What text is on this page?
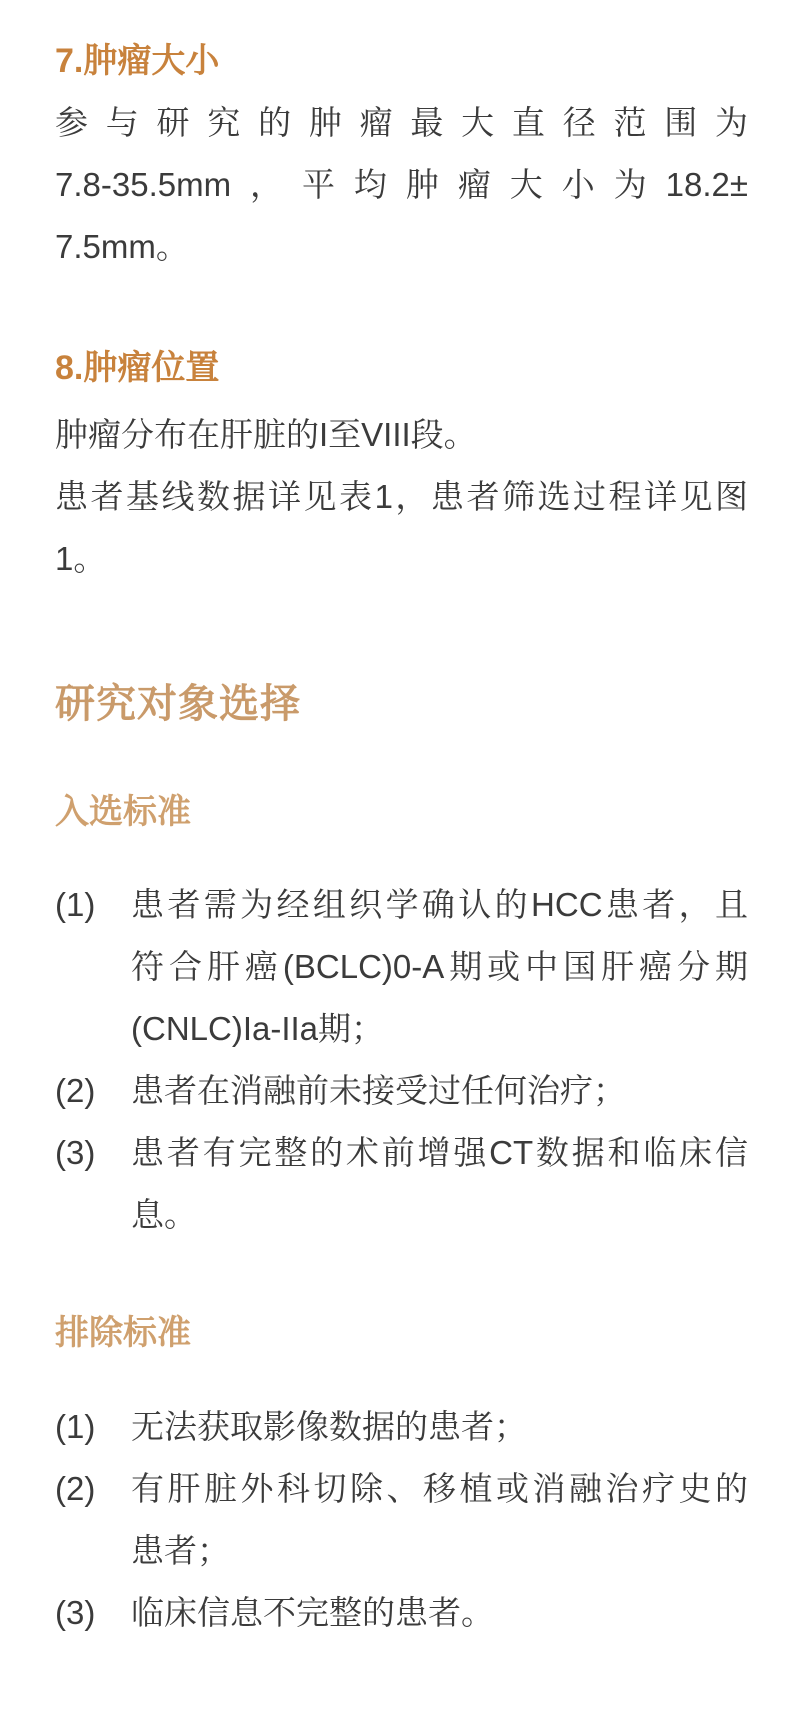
7.肿瘤大小

参与研究的肿瘤最大直径范围为

7.8-35.5mm，平均肿瘤大小为18.2±

7.5mm。

8.肿瘤位置

肿瘤分布在肝脏的I至VIII段。

患者基线数据详见表1，患者筛选过程详见图

1。

研究对象选择
入选标准
(1)	患者需为经组织学确认的HCC患者，且

符合肝癌(BCLC)0-A期或中国肝癌分期

(CNLC)Ia-IIa期；

(2)	患者在消融前未接受过任何治疗；

(3)	患者有完整的术前增强CT数据和临床信

息。

排除标准
(1)	无法获取影像数据的患者；

(2)	有肝脏外科切除、移植或消融治疗史的

患者；

(3)	临床信息不完整的患者。
